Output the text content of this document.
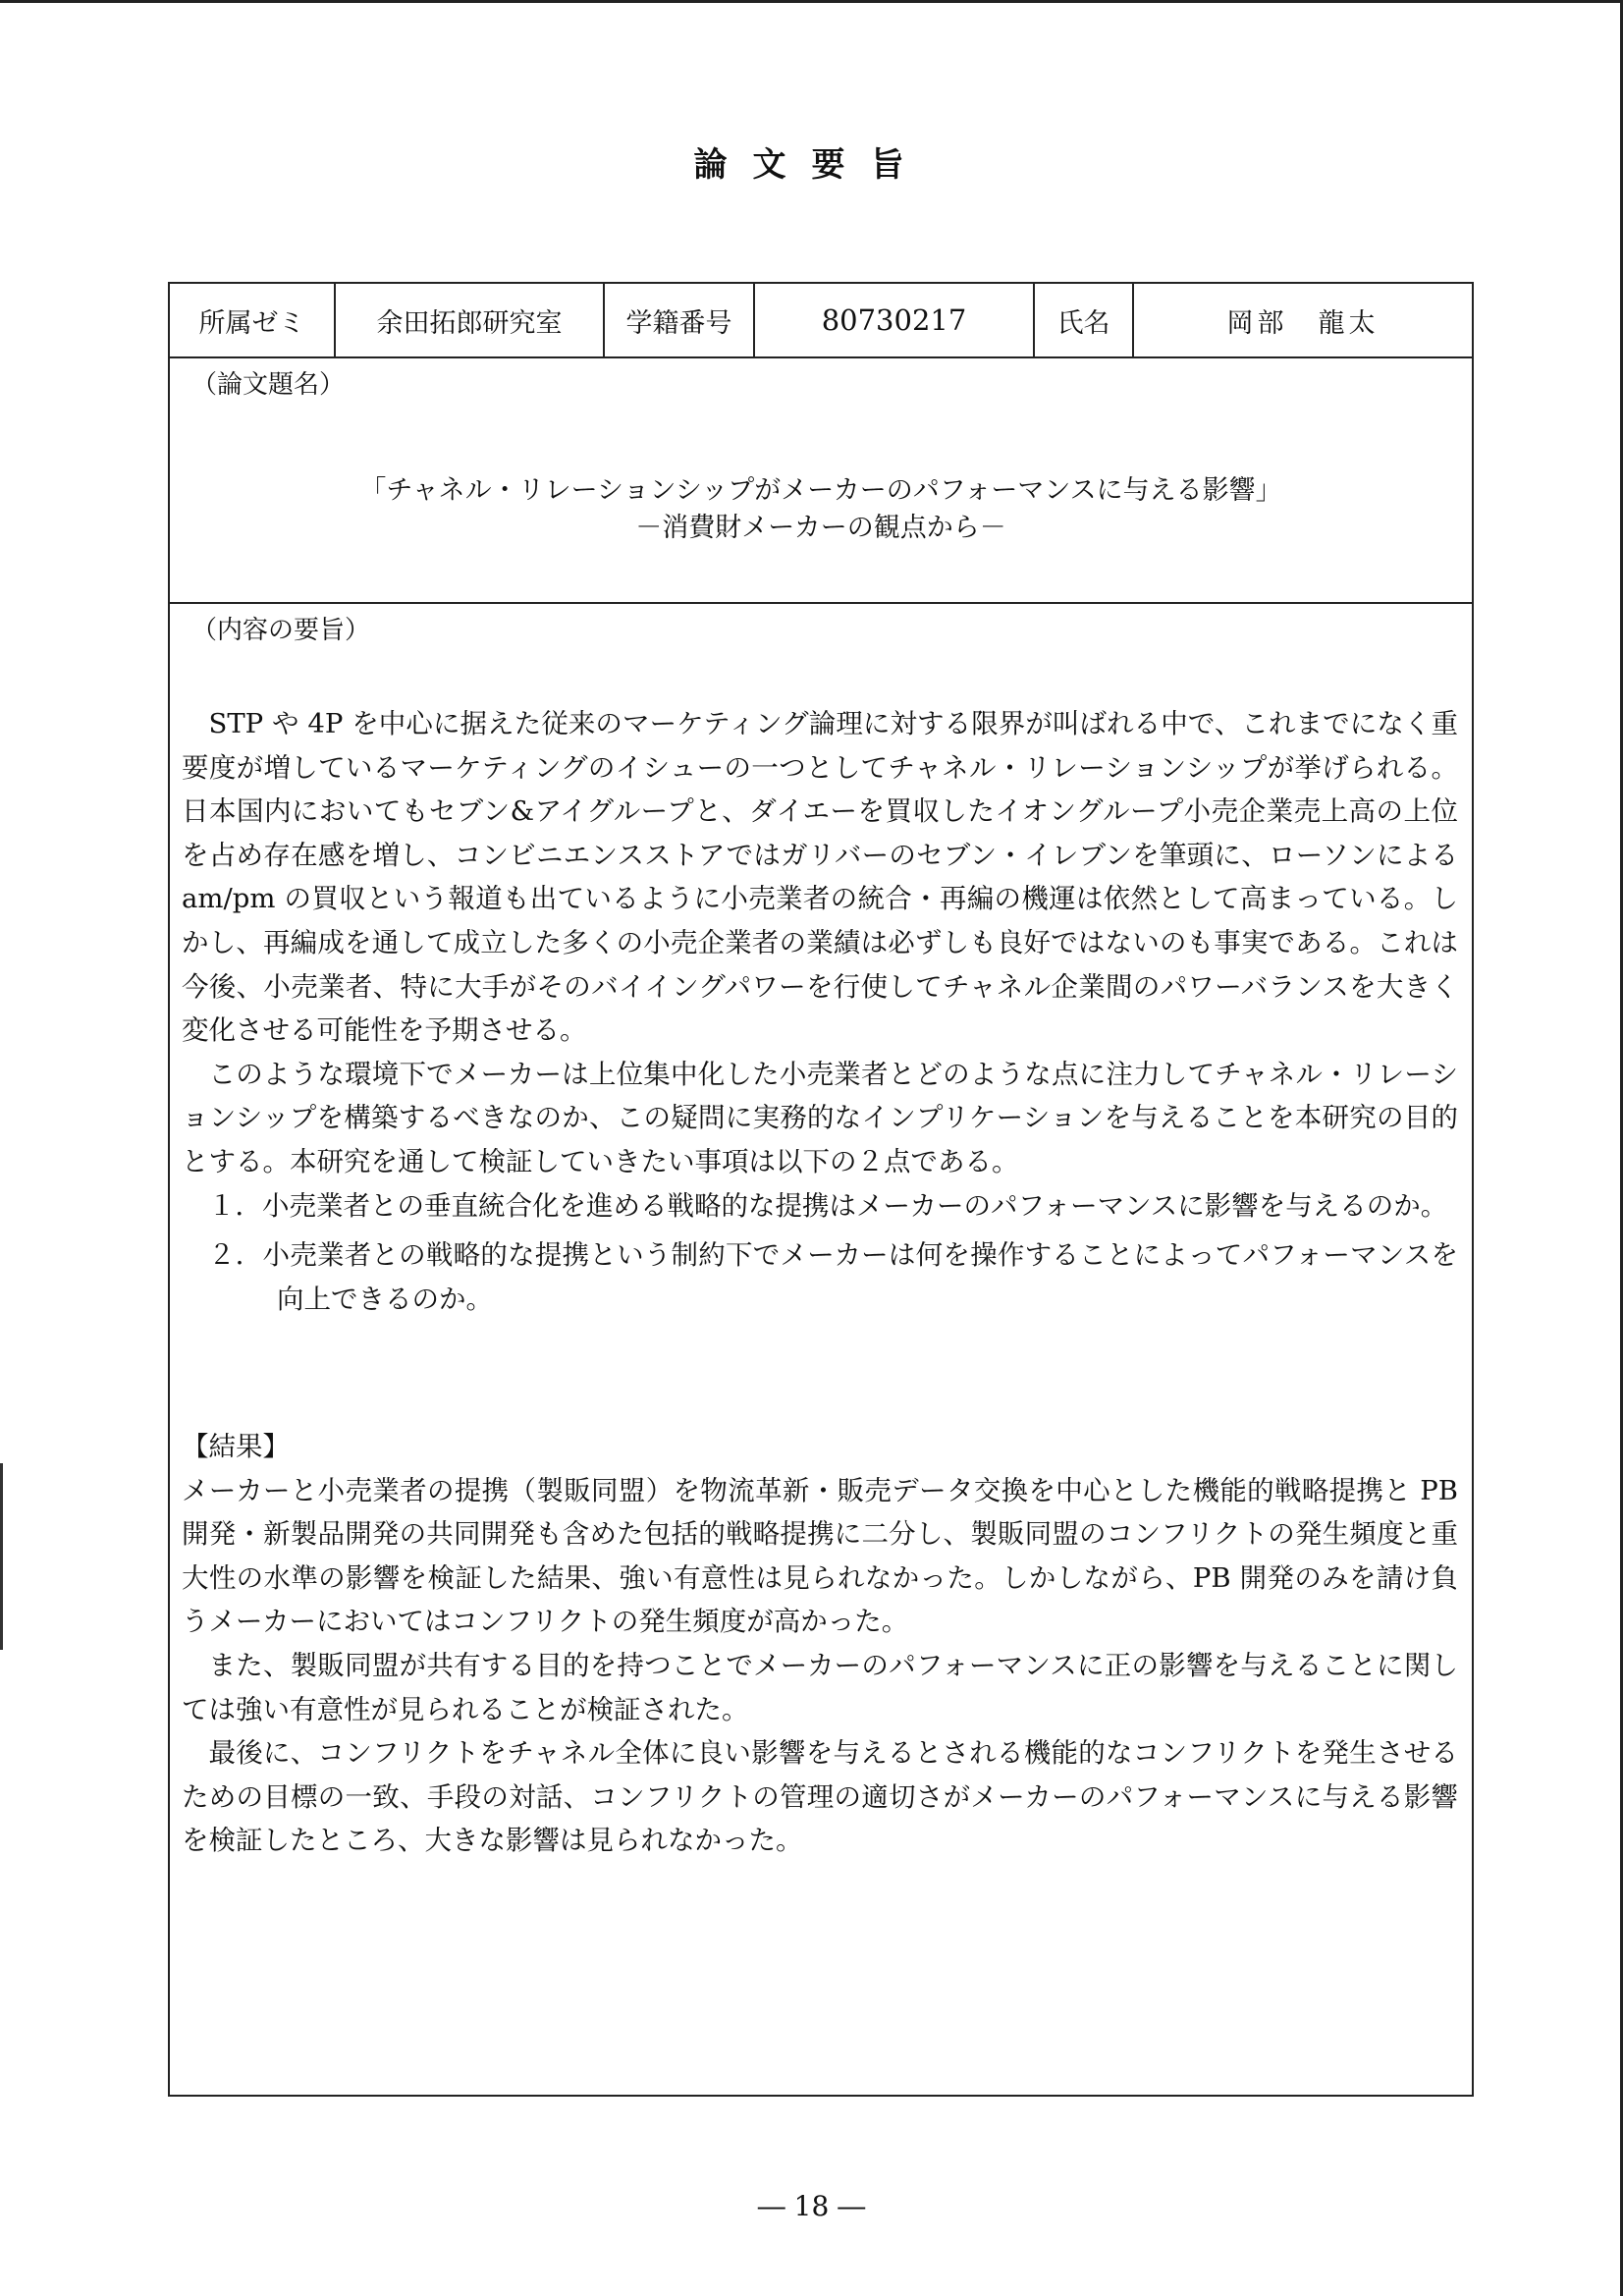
論文要旨
所属ゼミ	余田拓郎研究室	学籍番号	80730217	氏名	岡部　龍太
（論文題名）
「チャネル・リレーションシップがメーカーのパフォーマンスに与える影響」
－消費財メーカーの観点から－
（内容の要旨）

STP や 4P を中心に据えた従来のマーケティング論理に対する限界が叫ばれる中で、これまでになく重要度が増しているマーケティングのイシューの一つとしてチャネル・リレーションシップが挙げられる。日本国内においてもセブン&アイグループと、ダイエーを買収したイオングループ小売企業売上高の上位を占め存在感を増し、コンビニエンスストアではガリバーのセブン・イレブンを筆頭に、ローソンによる am/pm の買収という報道も出ているように小売業者の統合・再編の機運は依然として高まっている。しかし、再編成を通して成立した多くの小売企業者の業績は必ずしも良好ではないのも事実である。これは今後、小売業者、特に大手がそのバイイングパワーを行使してチャネル企業間のパワーバランスを大きく変化させる可能性を予期させる。

このような環境下でメーカーは上位集中化した小売業者とどのような点に注力してチャネル・リレーションシップを構築するべきなのか、この疑問に実務的なインプリケーションを与えることを本研究の目的とする。本研究を通して検証していきたい事項は以下の２点である。

１．小売業者との垂直統合化を進める戦略的な提携はメーカーのパフォーマンスに影響を与えるのか。

２．小売業者との戦略的な提携という制約下でメーカーは何を操作することによってパフォーマンスを向上できるのか。

【結果】

メーカーと小売業者の提携（製販同盟）を物流革新・販売データ交換を中心とした機能的戦略提携と PB 開発・新製品開発の共同開発も含めた包括的戦略提携に二分し、製販同盟のコンフリクトの発生頻度と重大性の水準の影響を検証した結果、強い有意性は見られなかった。しかしながら、PB 開発のみを請け負うメーカーにおいてはコンフリクトの発生頻度が高かった。

また、製販同盟が共有する目的を持つことでメーカーのパフォーマンスに正の影響を与えることに関しては強い有意性が見られることが検証された。

最後に、コンフリクトをチャネル全体に良い影響を与えるとされる機能的なコンフリクトを発生させるための目標の一致、手段の対話、コンフリクトの管理の適切さがメーカーのパフォーマンスに与える影響を検証したところ、大きな影響は見られなかった。

― 18 ―
